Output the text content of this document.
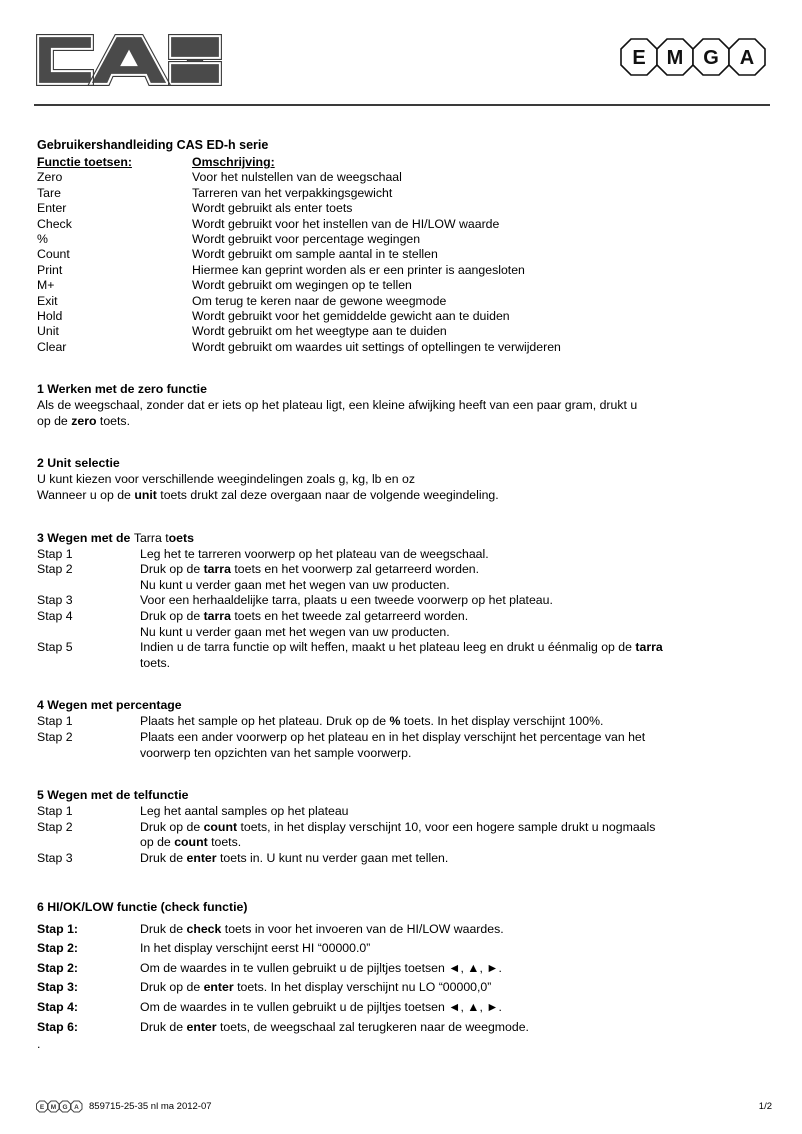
E M G A
Gebruikershandleiding CAS ED-h serie
Functie toetsen:	Omschrijving:
Zero	Voor het nulstellen van de weegschaal
Tare	Tarreren van het verpakkingsgewicht
Enter	Wordt gebruikt als enter toets
Check	Wordt gebruikt voor het instellen van de HI/LOW waarde
%	Wordt gebruikt voor percentage wegingen
Count	Wordt gebruikt om sample aantal in te stellen
Print	Hiermee kan geprint worden als er een printer is aangesloten
M+	Wordt gebruikt om wegingen op te tellen
Exit	Om terug te keren naar de gewone weegmode
Hold	Wordt gebruikt voor het gemiddelde gewicht aan te duiden
Unit	Wordt gebruikt om het weegtype aan te duiden
Clear	Wordt gebruikt om waardes uit settings of optellingen te verwijderen
1 Werken met de zero functie
Als de weegschaal, zonder dat er iets op het plateau ligt, een kleine afwijking heeft van een paar gram, drukt u
op de zero toets.
2 Unit selectie
U kunt kiezen voor verschillende weegindelingen zoals g, kg, lb en oz
Wanneer u op de unit toets drukt zal deze overgaan naar de volgende weegindeling.
3 Wegen met de Tarra toets
Stap 1	Leg het te tarreren voorwerp op het plateau van de weegschaal.
Stap 2	Druk op de tarra toets en het voorwerp zal getarreerd worden.
	Nu kunt u verder gaan met het wegen van uw producten.
Stap 3	Voor een herhaaldelijke tarra, plaats u een tweede voorwerp op het plateau.
Stap 4	Druk op de tarra toets en het tweede zal getarreerd worden.
	Nu kunt u verder gaan met het wegen van uw producten.
Stap 5	Indien u de tarra functie op wilt heffen, maakt u het plateau leeg en drukt u éénmalig op de tarra
	toets.
4 Wegen met percentage
Stap 1	Plaats het sample op het plateau. Druk op de % toets. In het display verschijnt 100%.
Stap 2	Plaats een ander voorwerp op het plateau en in het display verschijnt het percentage van het
	voorwerp ten opzichten van het sample voorwerp.
5 Wegen met de telfunctie
Stap 1	Leg het aantal samples op het plateau
Stap 2	Druk op de count toets, in het display verschijnt 10, voor een hogere sample drukt u nogmaals
	op de count toets.
Stap 3	Druk de enter toets in. U kunt nu verder gaan met tellen.
6 HI/OK/LOW functie (check functie)
Stap 1:	Druk de check toets in voor het invoeren van de HI/LOW waardes.
Stap 2:	In het display verschijnt eerst HI “00000.0”
Stap 2:	Om de waardes in te vullen gebruikt u de pijltjes toetsen ◄, ▲, ►.
Stap 3:	Druk op de enter toets. In het display verschijnt nu LO “00000,0”
Stap 4:	Om de waardes in te vullen gebruikt u de pijltjes toetsen ◄, ▲, ►.
Stap 6:	Druk de enter toets, de weegschaal zal terugkeren naar de weegmode.
.
E M G A 859715-25-35 nl ma 2012-07	1/2
